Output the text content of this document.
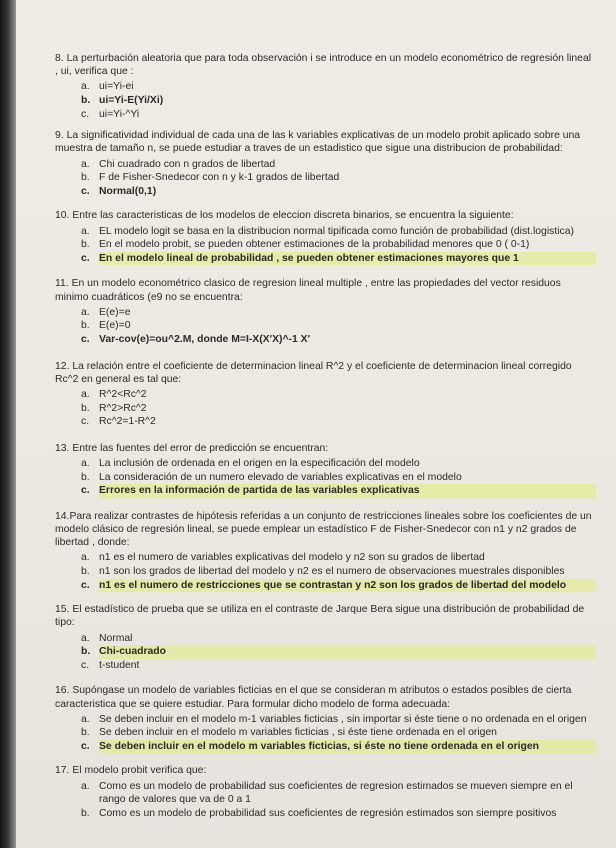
8. La perturbación aleatoria que para toda observación i se introduce en un modelo econométrico de regresión lineal , ui, verifica que :

a. ui=Yi-ei
b. ui=Yi-E(Yi/Xi)
c. ui=Yi-^Yi

9. La significatividad individual de cada una de las k variables explicativas de un modelo probit aplicado sobre una muestra de tamaño n, se puede estudiar a traves de un estadistico que sigue una distribucion de probabilidad:

a. Chi cuadrado con n grados de libertad
b. F de Fisher-Snedecor con n y k-1 grados de libertad
c. Normal(0,1)

10. Entre las caracteristicas de los modelos de eleccion discreta binarios, se encuentra la siguiente:

a. EL modelo logit se basa en la distribucion normal tipificada como función de probabilidad (dist.logistica)
b. En el modelo probit, se pueden obtener estimaciones de la probabilidad menores que 0 ( 0-1)
c. En el modelo lineal de probabilidad , se pueden obtener estimaciones mayores que 1

11. En un modelo econométrico clasico de regresion lineal multiple , entre las propiedades del vector residuos minimo cuadráticos (e9 no se encuentra:

a. E(e)=e
b. E(e)=0
c. Var-cov(e)=ou^2.M, donde M=I-X(X'X)^-1 X'

12. La relación entre el coeficiente de determinacion lineal R^2 y el coeficiente de determinacion lineal corregido Rc^2 en general es tal que:

a. R^2<Rc^2
b. R^2>Rc^2
c. Rc^2=1-R^2

13. Entre las fuentes del error de predicción se encuentran:

a. La inclusión de ordenada en el origen en la especificación del modelo
b. La consideración de un numero elevado de variables explicativas en el modelo
c. Errores en la información de partida de las variables explicativas

14.Para realizar contrastes de hipótesis referidas a un conjunto de restricciones lineales sobre los coeficientes de un modelo clásico de regresión lineal, se puede emplear un estadístico F de Fisher-Snedecor con n1 y n2 grados de libertad , donde:

a. n1 es el numero de variables explicativas del modelo y n2 son su grados de libertad
b. n1 son los grados de libertad del modelo y n2 es el numero de observaciones muestrales disponibles
c. n1 es el numero de restricciones que se contrastan y n2 son los grados de libertad del modelo

15. El estadístico de prueba que se utiliza en el contraste de Jarque Bera sigue una distribución de probabilidad de tipo:

a. Normal
b. Chi-cuadrado
c. t-student

16. Supóngase un modelo de variables ficticias en el que se consideran m atributos o estados posibles de cierta caracteristica que se quiere estudiar. Para formular dicho modelo de forma adecuada:

a. Se deben incluir en el modelo m-1 variables ficticias , sin importar si éste tiene o no ordenada en el origen
b. Se deben incluir en el modelo m variables ficticias , si éste tiene ordenada en el origen
c. Se deben incluir en el modelo m variables ficticias, si éste no tiene ordenada en el origen

17. El modelo probit verifica que:

a. Como es un modelo de probabilidad sus coeficientes de regresion estimados se mueven siempre en el rango de valores que va de 0 a 1
b. Como es un modelo de probabilidad sus coeficientes de regresión estimados son siempre positivos
